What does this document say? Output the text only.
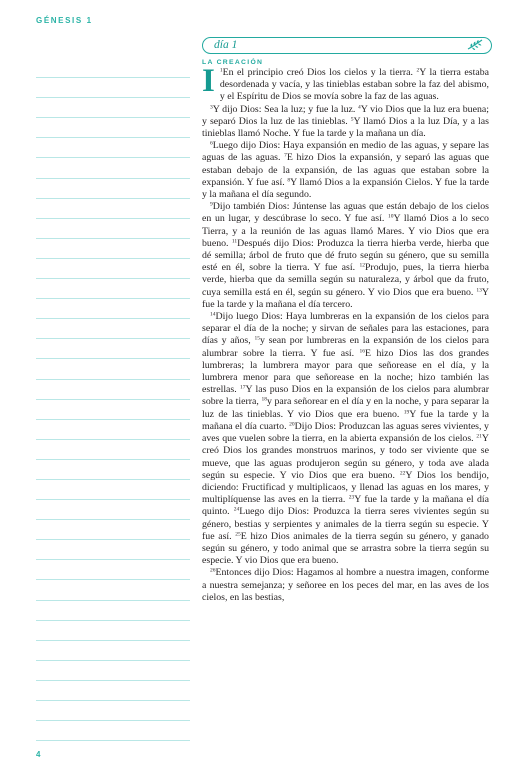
GÉNESIS 1
día 1
LA CREACIÓN

I $^1$En el principio creó Dios los cielos y la tierra. $^2$Y la tierra estaba desordenada y vacía, y las tinieblas estaban sobre la faz del abismo, y el Espíritu de Dios se movía sobre la faz de las aguas.

$^3$Y dijo Dios: Sea la luz; y fue la luz. $^4$Y vio Dios que la luz era buena; y separó Dios la luz de las tinieblas. $^5$Y llamó Dios a la luz Día, y a las tinieblas llamó Noche. Y fue la tarde y la mañana un día.

$^6$Luego dijo Dios: Haya expansión en medio de las aguas, y separe las aguas de las aguas. $^7$E hizo Dios la expansión, y separó las aguas que estaban debajo de la expansión, de las aguas que estaban sobre la expansión. Y fue así. $^8$Y llamó Dios a la expansión Cielos. Y fue la tarde y la mañana el día segundo.

$^9$Dijo también Dios: Júntense las aguas que están debajo de los cielos en un lugar, y descúbrase lo seco. Y fue así. $^{10}$Y llamó Dios a lo seco Tierra, y a la reunión de las aguas llamó Mares. Y vio Dios que era bueno. $^{11}$Después dijo Dios: Produzca la tierra hierba verde, hierba que dé semilla; árbol de fruto que dé fruto según su género, que su semilla esté en él, sobre la tierra. Y fue así. $^{12}$Produjo, pues, la tierra hierba verde, hierba que da semilla según su naturaleza, y árbol que da fruto, cuya semilla está en él, según su género. Y vio Dios que era bueno. $^{13}$Y fue la tarde y la mañana el día tercero.

$^{14}$Dijo luego Dios: Haya lumbreras en la expansión de los cielos para separar el día de la noche; y sirvan de señales para las estaciones, para días y años, $^{15}$y sean por lumbreras en la expansión de los cielos para alumbrar sobre la tierra. Y fue así. $^{16}$E hizo Dios las dos grandes lumbreras; la lumbrera mayor para que señorease en el día, y la lumbrera menor para que señorease en la noche; hizo también las estrellas. $^{17}$Y las puso Dios en la expansión de los cielos para alumbrar sobre la tierra, $^{18}$y para señorear en el día y en la noche, y para separar la luz de las tinieblas. Y vio Dios que era bueno. $^{19}$Y fue la tarde y la mañana el día cuarto. $^{20}$Dijo Dios: Produzcan las aguas seres vivientes, y aves que vuelen sobre la tierra, en la abierta expansión de los cielos. $^{21}$Y creó Dios los grandes monstruos marinos, y todo ser viviente que se mueve, que las aguas produjeron según su género, y toda ave alada según su especie. Y vio Dios que era bueno. $^{22}$Y Dios los bendijo, diciendo: Fructificad y multiplicaos, y llenad las aguas en los mares, y multiplíquense las aves en la tierra. $^{23}$Y fue la tarde y la mañana el día quinto. $^{24}$Luego dijo Dios: Produzca la tierra seres vivientes según su género, bestias y serpientes y animales de la tierra según su especie. Y fue así. $^{25}$E hizo Dios animales de la tierra según su género, y ganado según su género, y todo animal que se arrastra sobre la tierra según su especie. Y vio Dios que era bueno.

$^{26}$Entonces dijo Dios: Hagamos al hombre a nuestra imagen, conforme a nuestra semejanza; y señoree en los peces del mar, en las aves de los cielos, en las bestias,

4
